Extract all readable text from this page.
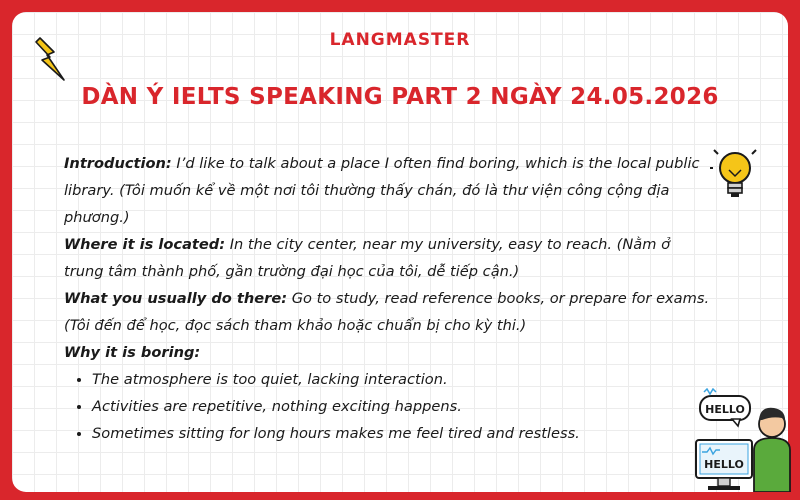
LANGMASTER
DÀN Ý IELTS SPEAKING PART 2 NGÀY 24.05.2026

Introduction: I’d like to talk about a place I often find boring, which is the local public library. (Tôi muốn kể về một nơi tôi thường thấy chán, đó là thư viện công cộng địa phương.)

Where it is located: In the city center, near my university, easy to reach. (Nằm ở trung tâm thành phố, gần trường đại học của tôi, dễ tiếp cận.)

What you usually do there: Go to study, read reference books, or prepare for exams. (Tôi đến để học, đọc sách tham khảo hoặc chuẩn bị cho kỳ thi.)

Why it is boring:

• The atmosphere is too quiet, lacking interaction.
• Activities are repetitive, nothing exciting happens.
• Sometimes sitting for long hours makes me feel tired and restless.
HELLO
HELLO
